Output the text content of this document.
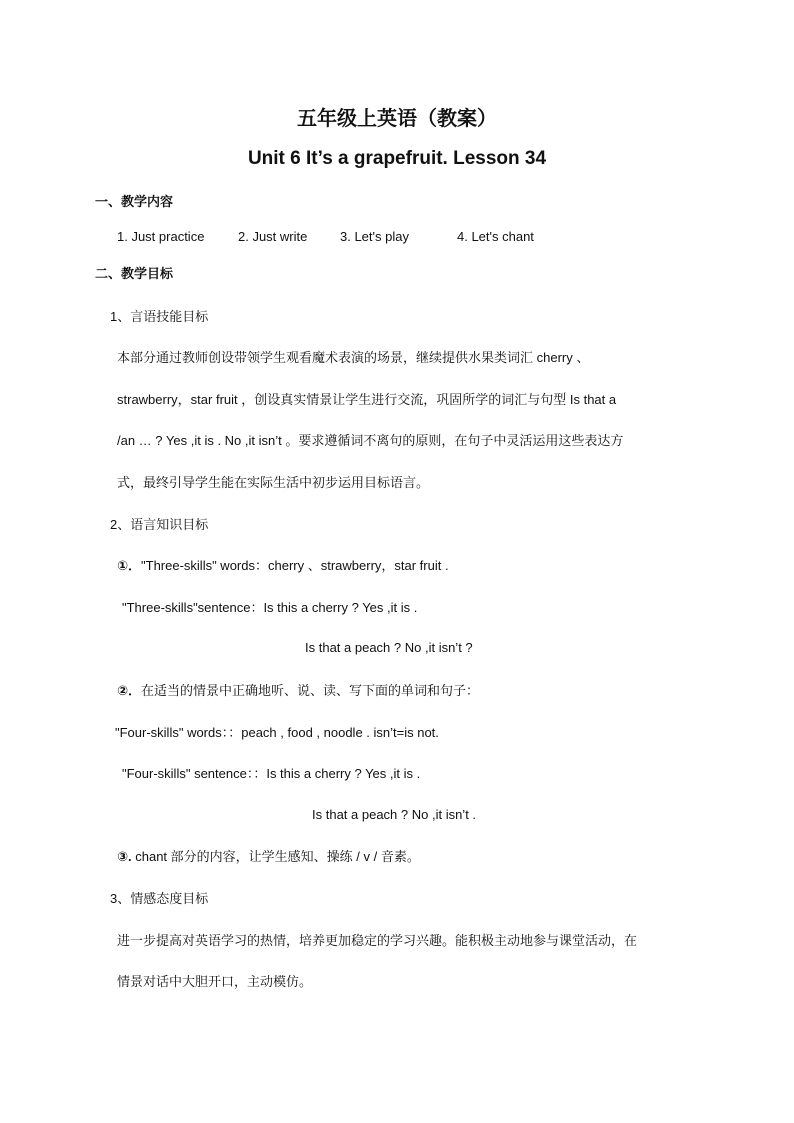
五年级上英语（教案）
Unit 6 It’s a grapefruit. Lesson 34
一、教学内容
1. Just practice	2. Just write	3. Let's play	4. Let's chant
二、教学目标
1、言语技能目标
本部分通过教师创设带领学生观看魔术表演的场景，继续提供水果类词汇 cherry 、
strawberry，star fruit ，创设真实情景让学生进行交流，巩固所学的词汇与句型 Is that a
/an … ? Yes ,it is . No ,it isn’t 。要求遵循词不离句的原则，在句子中灵活运用这些表达方
式，最终引导学生能在实际生活中初步运用目标语言。
2、语言知识目标
①．"Three-skills" words：cherry 、strawberry，star fruit .
"Three-skills"sentence：Is this a cherry ? Yes ,it is .
Is that a peach ? No ,it isn’t ?
②．在适当的情景中正确地听、说、读、写下面的单词和句子：
"Four-skills" words：：peach , food , noodle . isn’t=is not.
"Four-skills" sentence：：Is this a cherry ? Yes ,it is .
Is that a peach ? No ,it isn’t .
③. chant 部分的内容，让学生感知、操练 / v / 音素。
3、情感态度目标
进一步提高对英语学习的热情，培养更加稳定的学习兴趣。能积极主动地参与课堂活动，在
情景对话中大胆开口，主动模仿。
